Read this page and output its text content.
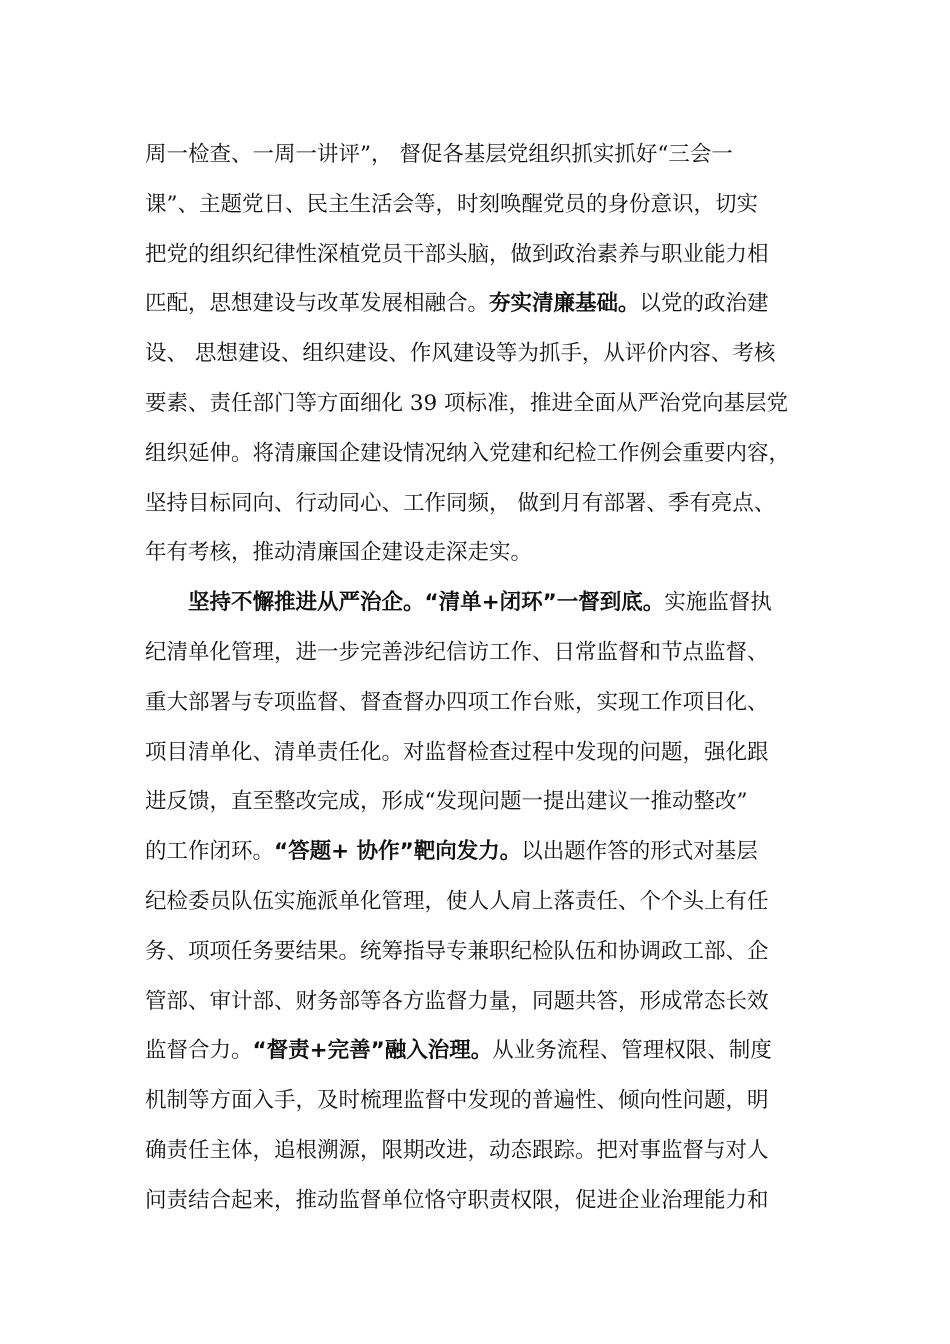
周一检查、一周一讲评”， 督促各基层党组织抓实抓好“三会一
课”、主题党日、民主生活会等，时刻唤醒党员的身份意识，切实
把党的组织纪律性深植党员干部头脑，做到政治素养与职业能力相
匹配，思想建设与改革发展相融合。夯实清廉基础。以党的政治建
设、 思想建设、组织建设、作风建设等为抓手，从评价内容、考核
要素、责任部门等方面细化 39 项标准，推进全面从严治党向基层党
组织延伸。将清廉国企建设情况纳入党建和纪检工作例会重要内容，
坚持目标同向、行动同心、工作同频， 做到月有部署、季有亮点、
年有考核，推动清廉国企建设走深走实。
坚持不懈推进从严治企。“清单+闭环”一督到底。实施监督执
纪清单化管理，进一步完善涉纪信访工作、日常监督和节点监督、
重大部署与专项监督、督查督办四项工作台账，实现工作项目化、
项目清单化、清单责任化。对监督检查过程中发现的问题，强化跟
进反馈，直至整改完成，形成“发现问题一提出建议一推动整改”
的工作闭环。“答题+ 协作”靶向发力。以出题作答的形式对基层
纪检委员队伍实施派单化管理，使人人肩上落责任、个个头上有任
务、项项任务要结果。统筹指导专兼职纪检队伍和协调政工部、企
管部、审计部、财务部等各方监督力量，同题共答，形成常态长效
监督合力。“督责+完善”融入治理。从业务流程、管理权限、制度
机制等方面入手，及时梳理监督中发现的普遍性、倾向性问题，明
确责任主体，追根溯源，限期改进，动态跟踪。把对事监督与对人
问责结合起来，推动监督单位恪守职责权限，促进企业治理能力和
